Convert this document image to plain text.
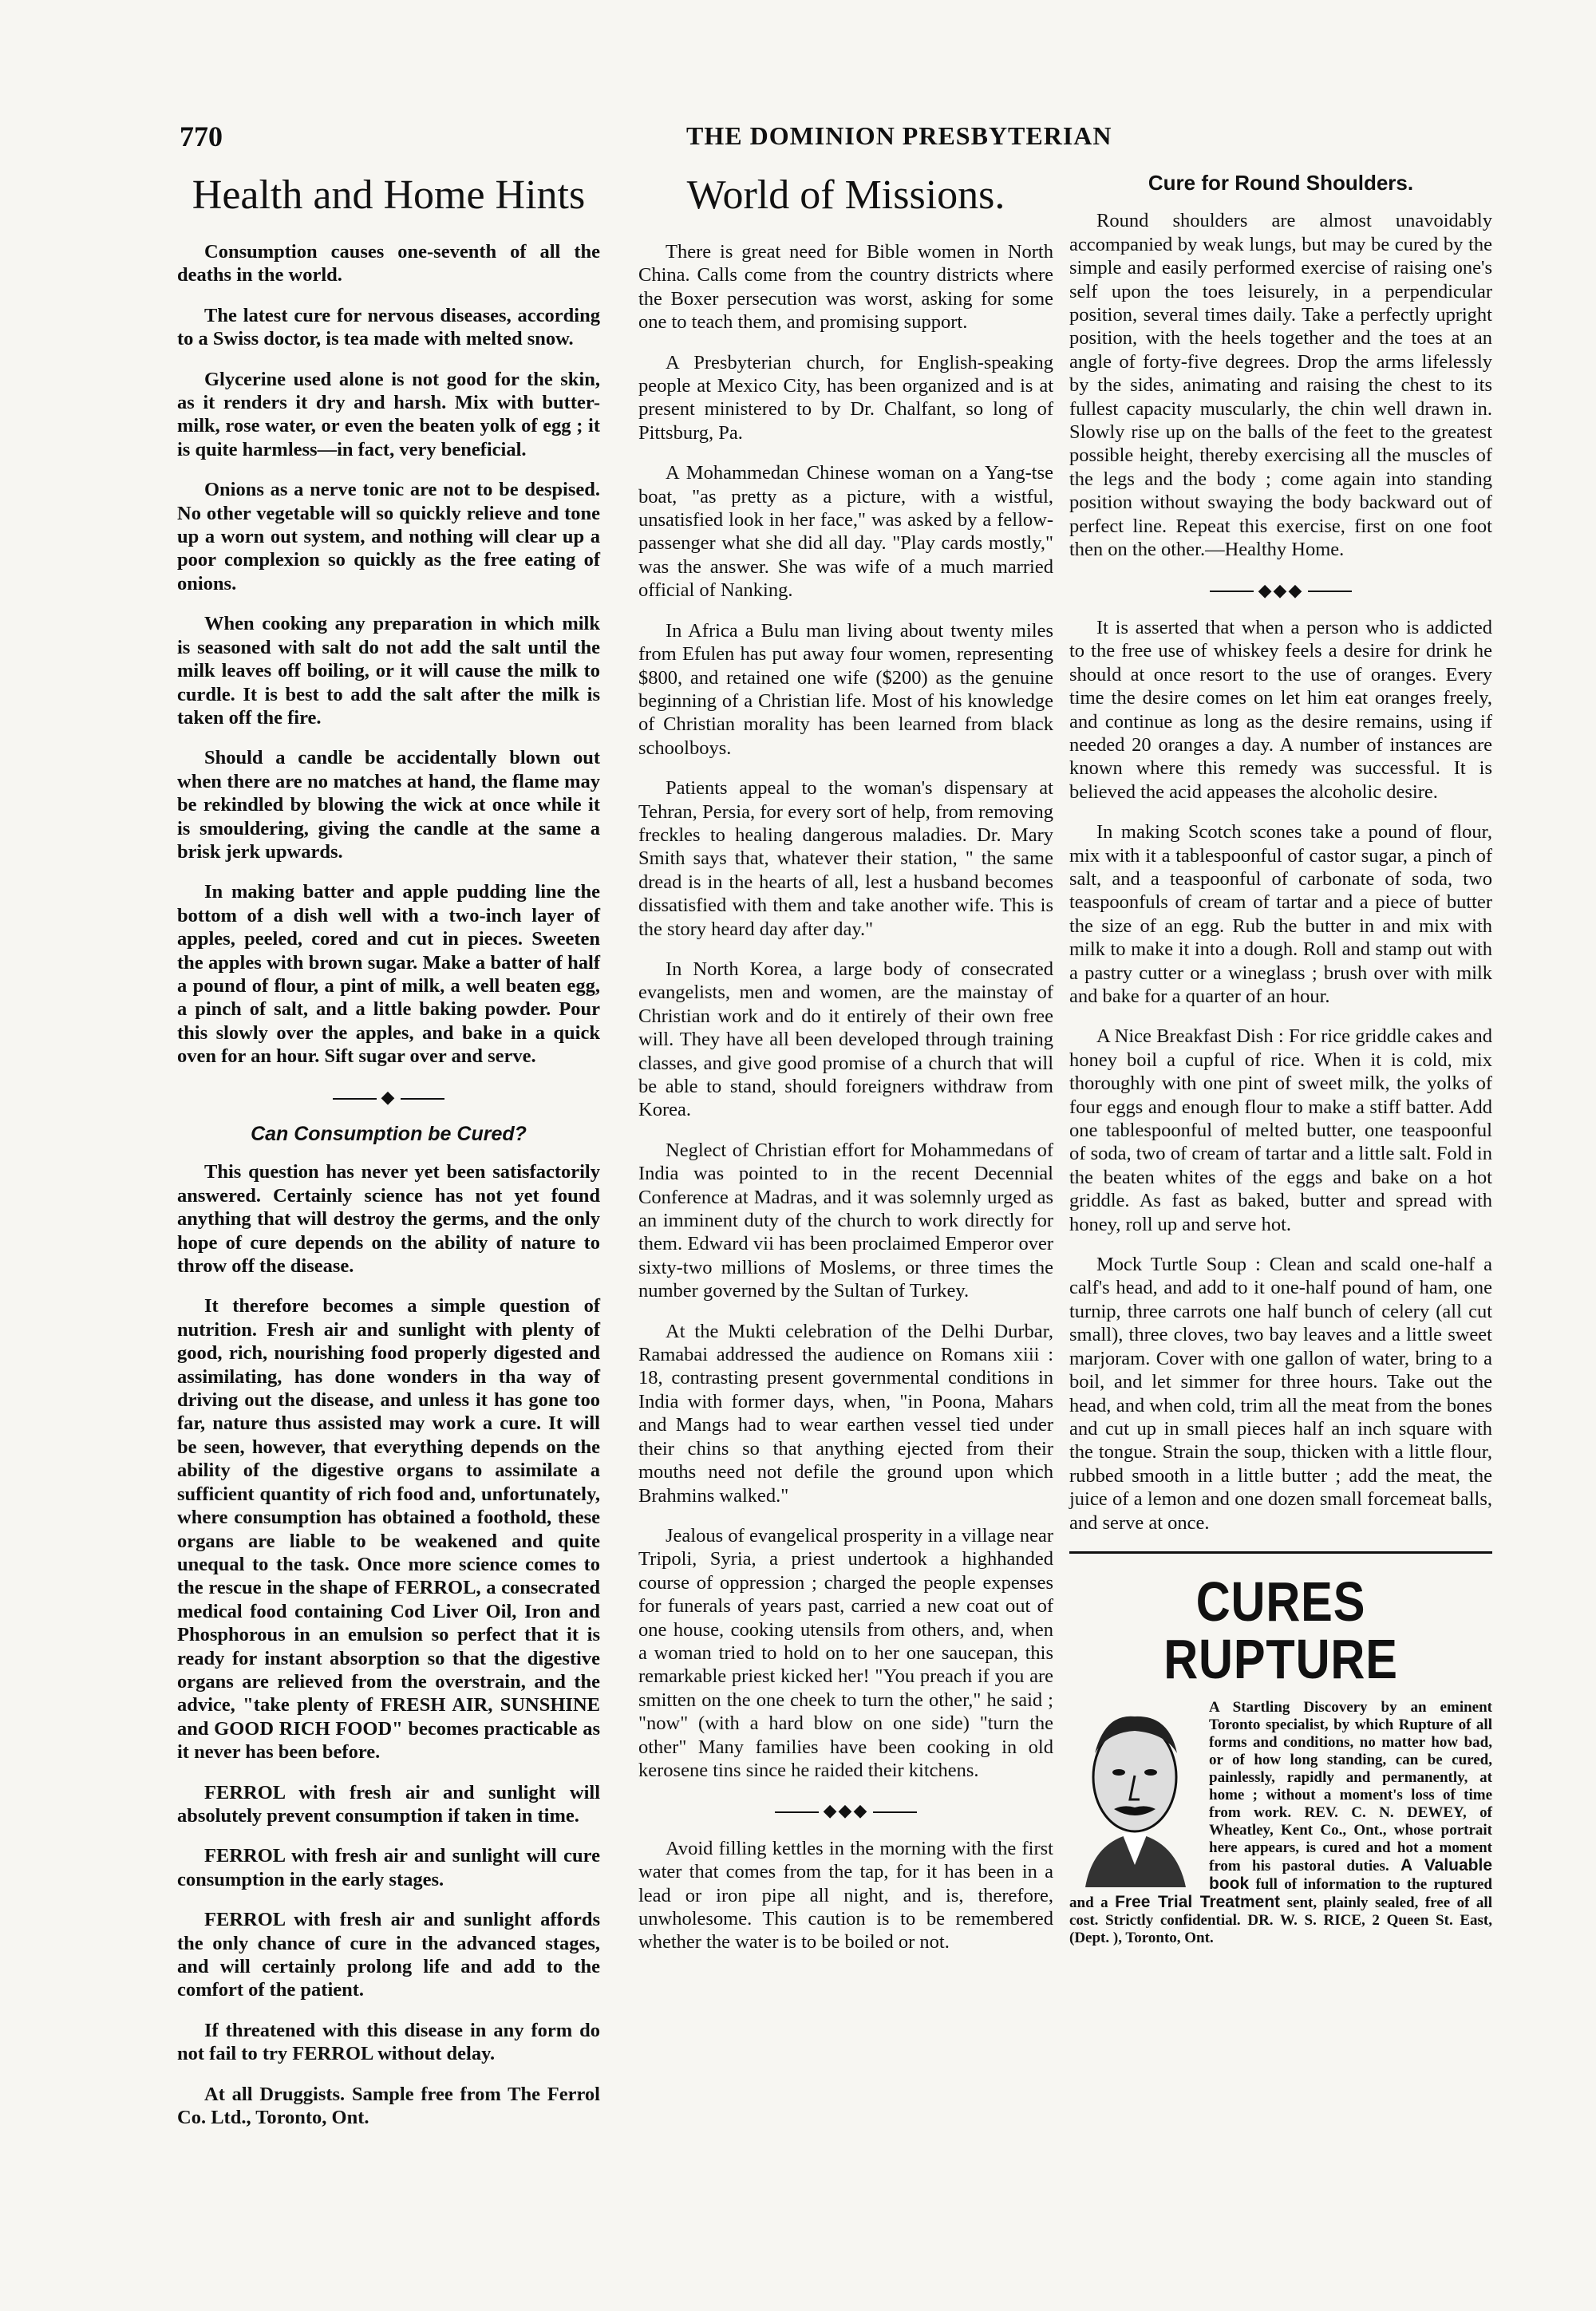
770	THE DOMINION PRESBYTERIAN
Health and Home Hints

Consumption causes one-seventh of all the deaths in the world.

The latest cure for nervous diseases, according to a Swiss doctor, is tea made with melted snow.

Glycerine used alone is not good for the skin, as it renders it dry and harsh. Mix with butter-milk, rose water, or even the beaten yolk of egg ; it is quite harmless—in fact, very beneficial.

Onions as a nerve tonic are not to be despised. No other vegetable will so quickly relieve and tone up a worn out system, and nothing will clear up a poor complexion so quickly as the free eating of onions.

When cooking any preparation in which milk is seasoned with salt do not add the salt until the milk leaves off boiling, or it will cause the milk to curdle. It is best to add the salt after the milk is taken off the fire.

Should a candle be accidentally blown out when there are no matches at hand, the flame may be rekindled by blowing the wick at once while it is smouldering, giving the candle at the same a brisk jerk upwards.

In making batter and apple pudding line the bottom of a dish well with a two-inch layer of apples, peeled, cored and cut in pieces. Sweeten the apples with brown sugar. Make a batter of half a pound of flour, a pint of milk, a well beaten egg, a pinch of salt, and a little baking powder. Pour this slowly over the apples, and bake in a quick oven for an hour. Sift sugar over and serve.

◆
Can Consumption be Cured?

This question has never yet been satisfactorily answered. Certainly science has not yet found anything that will destroy the germs, and the only hope of cure depends on the ability of nature to throw off the disease.

It therefore becomes a simple question of nutrition. Fresh air and sunlight with plenty of good, rich, nourishing food properly digested and assimilating, has done wonders in tha way of driving out the disease, and unless it has gone too far, nature thus assisted may work a cure. It will be seen, however, that everything depends on the ability of the digestive organs to assimilate a sufficient quantity of rich food and, unfortunately, where consumption has obtained a foothold, these organs are liable to be weakened and quite unequal to the task. Once more science comes to the rescue in the shape of FERROL, a consecrated medical food containing Cod Liver Oil, Iron and Phosphorous in an emulsion so perfect that it is ready for instant absorption so that the digestive organs are relieved from the overstrain, and the advice, "take plenty of FRESH AIR, SUNSHINE and GOOD RICH FOOD" becomes practicable as it never has been before.

FERROL with fresh air and sunlight will absolutely prevent consumption if taken in time.

FERROL with fresh air and sunlight will cure consumption in the early stages.

FERROL with fresh air and sunlight affords the only chance of cure in the advanced stages, and will certainly prolong life and add to the comfort of the patient.

If threatened with this disease in any form do not fail to try FERROL without delay.

At all Druggists. Sample free from The Ferrol Co. Ltd., Toronto, Ont.

World of Missions.

There is great need for Bible women in North China. Calls come from the country districts where the Boxer persecution was worst, asking for some one to teach them, and promising support.

A Presbyterian church, for English-speaking people at Mexico City, has been organized and is at present ministered to by Dr. Chalfant, so long of Pittsburg, Pa.

A Mohammedan Chinese woman on a Yang-tse boat, "as pretty as a picture, with a wistful, unsatisfied look in her face," was asked by a fellow-passenger what she did all day. "Play cards mostly," was the answer. She was wife of a much married official of Nanking.

In Africa a Bulu man living about twenty miles from Efulen has put away four women, representing $800, and retained one wife ($200) as the genuine beginning of a Christian life. Most of his knowledge of Christian morality has been learned from black schoolboys.

Patients appeal to the woman's dispensary at Tehran, Persia, for every sort of help, from removing freckles to healing dangerous maladies. Dr. Mary Smith says that, whatever their station, " the same dread is in the hearts of all, lest a husband becomes dissatisfied with them and take another wife. This is the story heard day after day."

In North Korea, a large body of consecrated evangelists, men and women, are the mainstay of Christian work and do it entirely of their own free will. They have all been developed through training classes, and give good promise of a church that will be able to stand, should foreigners withdraw from Korea.

Neglect of Christian effort for Mohammedans of India was pointed to in the recent Decennial Conference at Madras, and it was solemnly urged as an imminent duty of the church to work directly for them. Edward vii has been proclaimed Emperor over sixty-two millions of Moslems, or three times the number governed by the Sultan of Turkey.

At the Mukti celebration of the Delhi Durbar, Ramabai addressed the audience on Romans xiii : 18, contrasting present governmental conditions in India with former days, when, "in Poona, Mahars and Mangs had to wear earthen vessel tied under their chins so that anything ejected from their mouths need not defile the ground upon which Brahmins walked."

Jealous of evangelical prosperity in a village near Tripoli, Syria, a priest undertook a highhanded course of oppression ; charged the people expenses for funerals of years past, carried a new coat out of one house, cooking utensils from others, and, when a woman tried to hold on to her one saucepan, this remarkable priest kicked her! "You preach if you are smitten on the one cheek to turn the other," he said ; "now" (with a hard blow on one side) "turn the other" Many families have been cooking in old kerosene tins since he raided their kitchens.

◆◆◆

Avoid filling kettles in the morning with the first water that comes from the tap, for it has been in a lead or iron pipe all night, and is, therefore, unwholesome. This caution is to be remembered whether the water is to be boiled or not.

Cure for Round Shoulders.

Round shoulders are almost unavoidably accompanied by weak lungs, but may be cured by the simple and easily performed exercise of raising one's self upon the toes leisurely, in a perpendicular position, several times daily. Take a perfectly upright position, with the heels together and the toes at an angle of forty-five degrees. Drop the arms lifelessly by the sides, animating and raising the chest to its fullest capacity muscularly, the chin well drawn in. Slowly rise up on the balls of the feet to the greatest possible height, thereby exercising all the muscles of the legs and the body ; come again into standing position without swaying the body backward out of perfect line. Repeat this exercise, first on one foot then on the other.—Healthy Home.

◆◆◆

It is asserted that when a person who is addicted to the free use of whiskey feels a desire for drink he should at once resort to the use of oranges. Every time the desire comes on let him eat oranges freely, and continue as long as the desire remains, using if needed 20 oranges a day. A number of instances are known where this remedy was successful. It is believed the acid appeases the alcoholic desire.

In making Scotch scones take a pound of flour, mix with it a tablespoonful of castor sugar, a pinch of salt, and a teaspoonful of carbonate of soda, two teaspoonfuls of cream of tartar and a piece of butter the size of an egg. Rub the butter in and mix with milk to make it into a dough. Roll and stamp out with a pastry cutter or a wineglass ; brush over with milk and bake for a quarter of an hour.

A Nice Breakfast Dish : For rice griddle cakes and honey boil a cupful of rice. When it is cold, mix thoroughly with one pint of sweet milk, the yolks of four eggs and enough flour to make a stiff batter. Add one tablespoonful of melted butter, one teaspoonful of soda, two of cream of tartar and a little salt. Fold in the beaten whites of the eggs and bake on a hot griddle. As fast as baked, butter and spread with honey, roll up and serve hot.

Mock Turtle Soup : Clean and scald one-half a calf's head, and add to it one-half pound of ham, one turnip, three carrots one half bunch of celery (all cut small), three cloves, two bay leaves and a little sweet marjoram. Cover with one gallon of water, bring to a boil, and let simmer for three hours. Take out the head, and when cold, trim all the meat from the bones and cut up in small pieces half an inch square with the tongue. Strain the soup, thicken with a little flour, rubbed smooth in a little butter ; add the meat, the juice of a lemon and one dozen small forcemeat balls, and serve at once.

CURES RUPTURE

A Startling Discovery by an eminent Toronto specialist, by which Rupture of all forms and conditions, no matter how bad, or of how long standing, can be cured, painlessly, rapidly and permanently, at home ; without a moment's loss of time from work. REV. C. N. DEWEY, of Wheatley, Kent Co., Ont., whose portrait here appears, is cured and hot a moment from his pastoral duties. A Valuable book full of information to the ruptured and a Free Trial Treatment sent, plainly sealed, free of all cost. Strictly confidential. DR. W. S. RICE, 2 Queen St. East, (Dept. ), Toronto, Ont.
